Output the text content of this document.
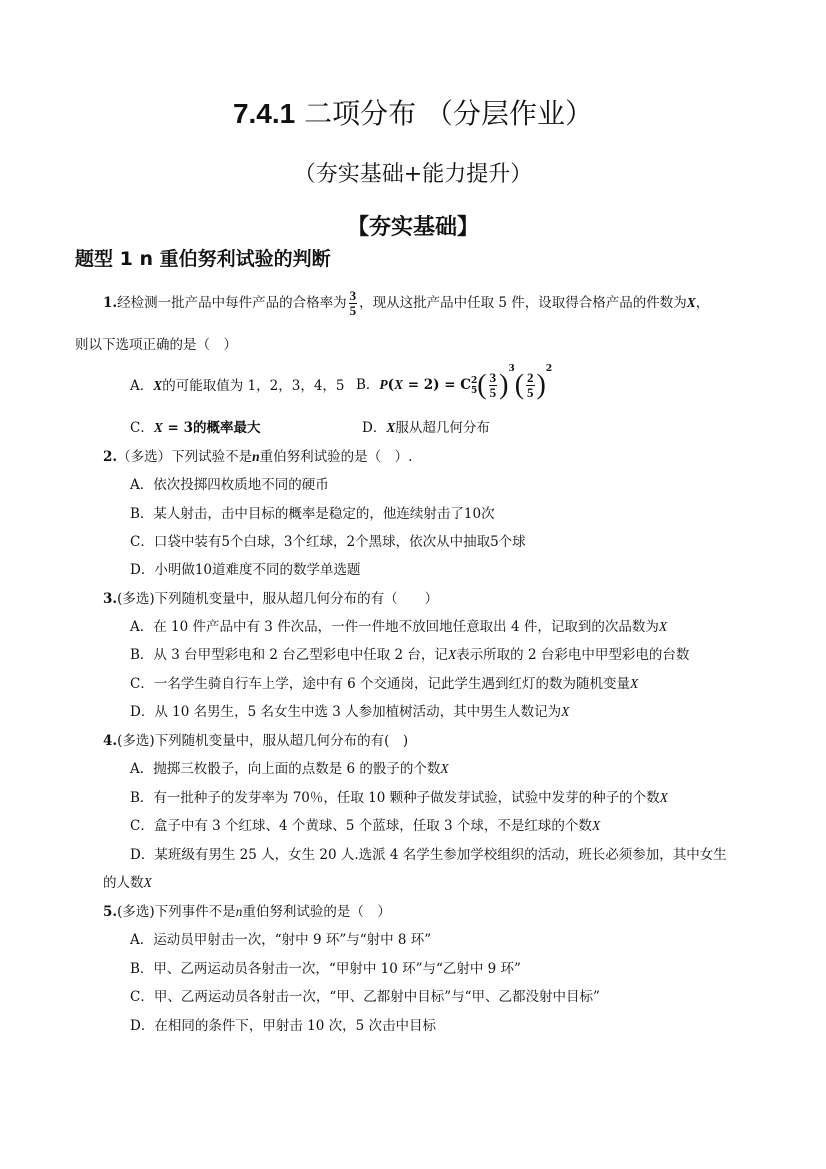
7.4.1 二项分布 （分层作业）
（夯实基础+能力提升）
【夯实基础】
题型 1 n 重伯努利试验的判断
1.经检测一批产品中每件产品的合格率为 $\frac{3}{5}$ ，现从这批产品中任取 5 件，设取得合格产品的件数为X，
则以下选项正确的是（　）
A．X的可能取值为 1，2，3，4，5 B．P(X = 2) = C 2
5 ( $\frac{3}{5} )^3( \frac{2}{5} )^2$
C．X = 3的概率最大	D．X服从超几何分布
2.（多选）下列试验不是n重伯努利试验的是（　）.
A．依次投掷四枚质地不同的硬币
B．某人射击，击中目标的概率是稳定的，他连续射击了10次
C．口袋中装有5个白球，3个红球，2个黑球，依次从中抽取5个球
D．小明做10道难度不同的数学单选题
3.(多选)下列随机变量中，服从超几何分布的有（　　）
A．在 10 件产品中有 3 件次品，一件一件地不放回地任意取出 4 件，记取到的次品数为X
B．从 3 台甲型彩电和 2 台乙型彩电中任取 2 台，记X表示所取的 2 台彩电中甲型彩电的台数
C．一名学生骑自行车上学，途中有 6 个交通岗，记此学生遇到红灯的数为随机变量X
D．从 10 名男生，5 名女生中选 3 人参加植树活动，其中男生人数记为X
4.(多选)下列随机变量中，服从超几何分布的有(　)
A．抛掷三枚骰子，向上面的点数是 6 的骰子的个数X
B．有一批种子的发芽率为 70％，任取 10 颗种子做发芽试验，试验中发芽的种子的个数X
C．盒子中有 3 个红球、4 个黄球、5 个蓝球，任取 3 个球，不是红球的个数X
D．某班级有男生 25 人，女生 20 人.选派 4 名学生参加学校组织的活动，班长必须参加，其中女生
的人数X
5.(多选)下列事件不是n重伯努利试验的是（　）
A．运动员甲射击一次，“射中 9 环”与“射中 8 环”
B．甲、乙两运动员各射击一次，“甲射中 10 环”与“乙射中 9 环”
C．甲、乙两运动员各射击一次，“甲、乙都射中目标”与“甲、乙都没射中目标”
D．在相同的条件下，甲射击 10 次，5 次击中目标
